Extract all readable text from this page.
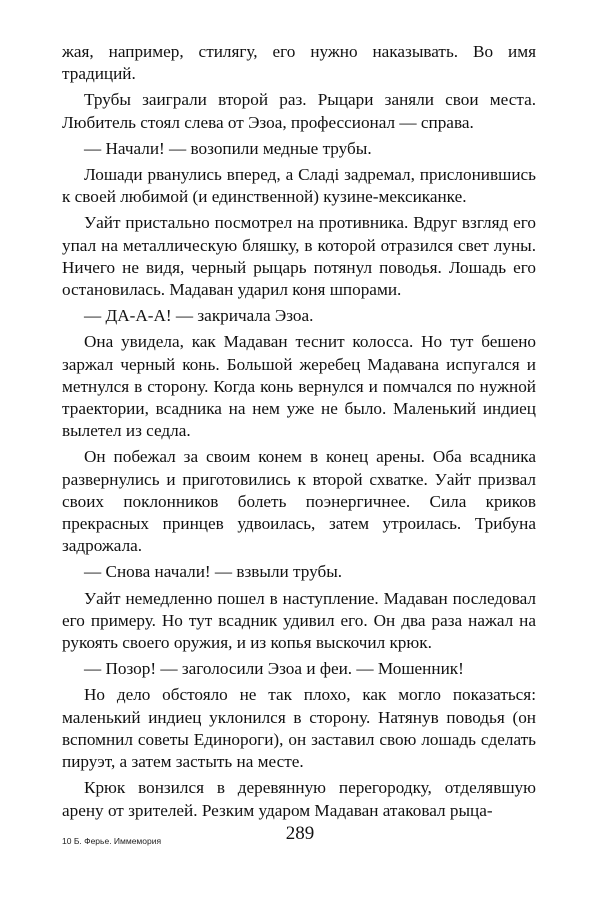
жая, например, стилягу, его нужно наказывать. Во имя традиций.

Трубы заиграли второй раз. Рыцари заняли свои места. Любитель стоял слева от Эзоа, профессионал — справа.

— Начали! — возопили медные трубы.

Лошади рванулись вперед, а Сладі задремал, прислонившись к своей любимой (и единственной) кузине-мексиканке.

Уайт пристально посмотрел на противника. Вдруг взгляд его упал на металлическую бляшку, в которой отразился свет луны. Ничего не видя, черный рыцарь потянул поводья. Лошадь его остановилась. Мадаван ударил коня шпорами.

— ДА-А-А! — закричала Эзоа.

Она увидела, как Мадаван теснит колосса. Но тут бешено заржал черный конь. Большой жеребец Мадавана испугался и метнулся в сторону. Когда конь вернулся и помчался по нужной траектории, всадника на нем уже не было. Маленький индиец вылетел из седла.

Он побежал за своим конем в конец арены. Оба всадника развернулись и приготовились к второй схватке. Уайт призвал своих поклонников болеть поэнергичнее. Сила криков прекрасных принцев удвоилась, затем утроилась. Трибуна задрожала.

— Снова начали! — взвыли трубы.

Уайт немедленно пошел в наступление. Мадаван последовал его примеру. Но тут всадник удивил его. Он два раза нажал на рукоять своего оружия, и из копья выскочил крюк.

— Позор! — заголосили Эзоа и феи. — Мошенник!

Но дело обстояло не так плохо, как могло показаться: маленький индиец уклонился в сторону. Натянув поводья (он вспомнил советы Единороги), он заставил свою лошадь сделать пируэт, а затем застыть на месте.

Крюк вонзился в деревянную перегородку, отделявшую арену от зрителей. Резким ударом Мадаван атаковал рыца-

10 Б. Ферье. Иммемория	289
